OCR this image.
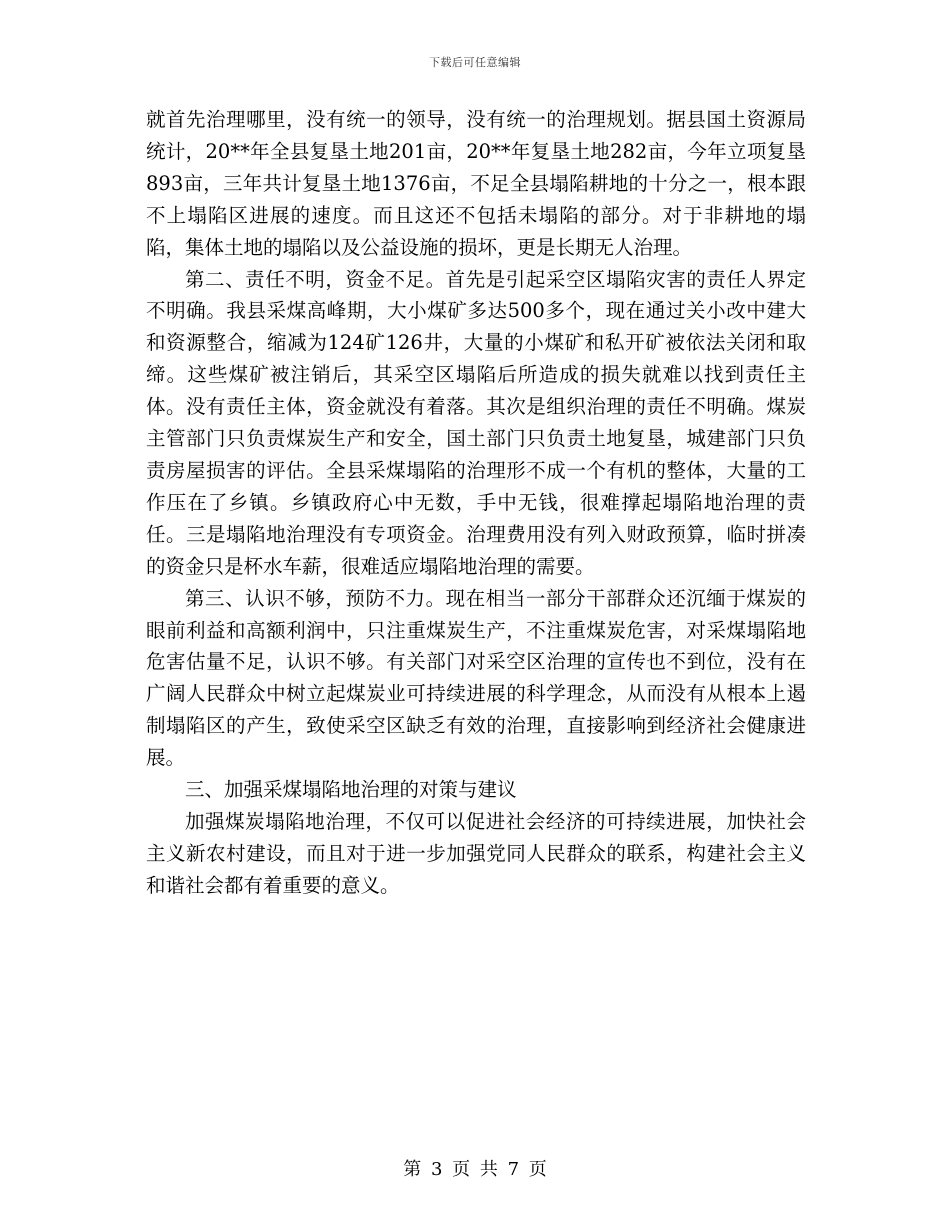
下载后可任意编辑

就首先治理哪里，没有统一的领导，没有统一的治理规划。据县国土资源局统计，20**年全县复垦土地201亩，20**年复垦土地282亩，今年立项复垦893亩，三年共计复垦土地1376亩，不足全县塌陷耕地的十分之一，根本跟不上塌陷区进展的速度。而且这还不包括未塌陷的部分。对于非耕地的塌陷，集体土地的塌陷以及公益设施的损坏，更是长期无人治理。

第二、责任不明，资金不足。首先是引起采空区塌陷灾害的责任人界定不明确。我县采煤高峰期，大小煤矿多达500多个，现在通过关小改中建大和资源整合，缩减为124矿126井，大量的小煤矿和私开矿被依法关闭和取缔。这些煤矿被注销后，其采空区塌陷后所造成的损失就难以找到责任主体。没有责任主体，资金就没有着落。其次是组织治理的责任不明确。煤炭主管部门只负责煤炭生产和安全，国土部门只负责土地复垦，城建部门只负责房屋损害的评估。全县采煤塌陷的治理形不成一个有机的整体，大量的工作压在了乡镇。乡镇政府心中无数，手中无钱，很难撑起塌陷地治理的责任。三是塌陷地治理没有专项资金。治理费用没有列入财政预算，临时拼凑的资金只是杯水车薪，很难适应塌陷地治理的需要。

第三、认识不够，预防不力。现在相当一部分干部群众还沉缅于煤炭的眼前利益和高额利润中，只注重煤炭生产，不注重煤炭危害，对采煤塌陷地危害估量不足，认识不够。有关部门对采空区治理的宣传也不到位，没有在广阔人民群众中树立起煤炭业可持续进展的科学理念，从而没有从根本上遏制塌陷区的产生，致使采空区缺乏有效的治理，直接影响到经济社会健康进展。

三、加强采煤塌陷地治理的对策与建议

加强煤炭塌陷地治理，不仅可以促进社会经济的可持续进展，加快社会主义新农村建设，而且对于进一步加强党同人民群众的联系，构建社会主义和谐社会都有着重要的意义。

第 3 页 共 7 页
